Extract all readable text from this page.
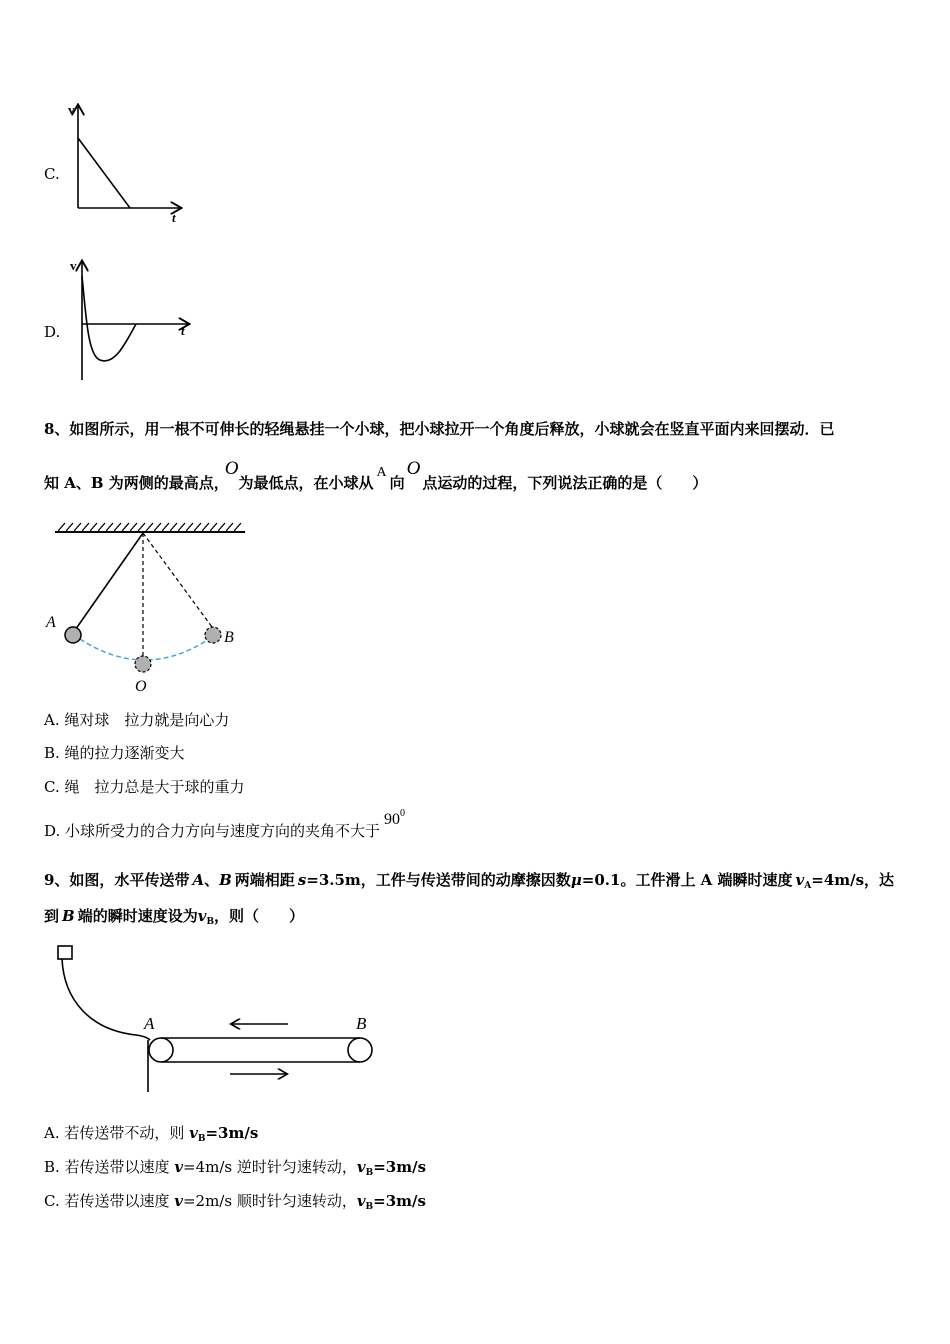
C.
v
t
D.
v
t
8、如图所示，用一根不可伸长的轻绳悬挂一个小球，把小球拉开一个角度后释放，小球就会在竖直平面内来回摆动．已
知 A、B 为两侧的最高点，O为最低点，在小球从A向O点运动的过程，下列说法正确的是（　　）
A
B
O
A. 绳对球　拉力就是向心力
B. 绳的拉力逐渐变大
C. 绳　拉力总是大于球的重力
D. 小球所受力的合力方向与速度方向的夹角不大于$90^0$
9、如图，水平传送带 A、B 两端相距 s=3.5m，工件与传送带间的动摩擦因数μ=0.1。工件滑上 A 端瞬时速度 $v_A=4m/s$，达
到 B 端的瞬时速度设为$v_B$，则（　　）
A	B
A. 若传送带不动，则 $v_B=3m/s$
B. 若传送带以速度 v=4m/s 逆时针匀速转动，$v_B=3m/s$
C. 若传送带以速度 v=2m/s 顺时针匀速转动，$v_B=3m/s$
